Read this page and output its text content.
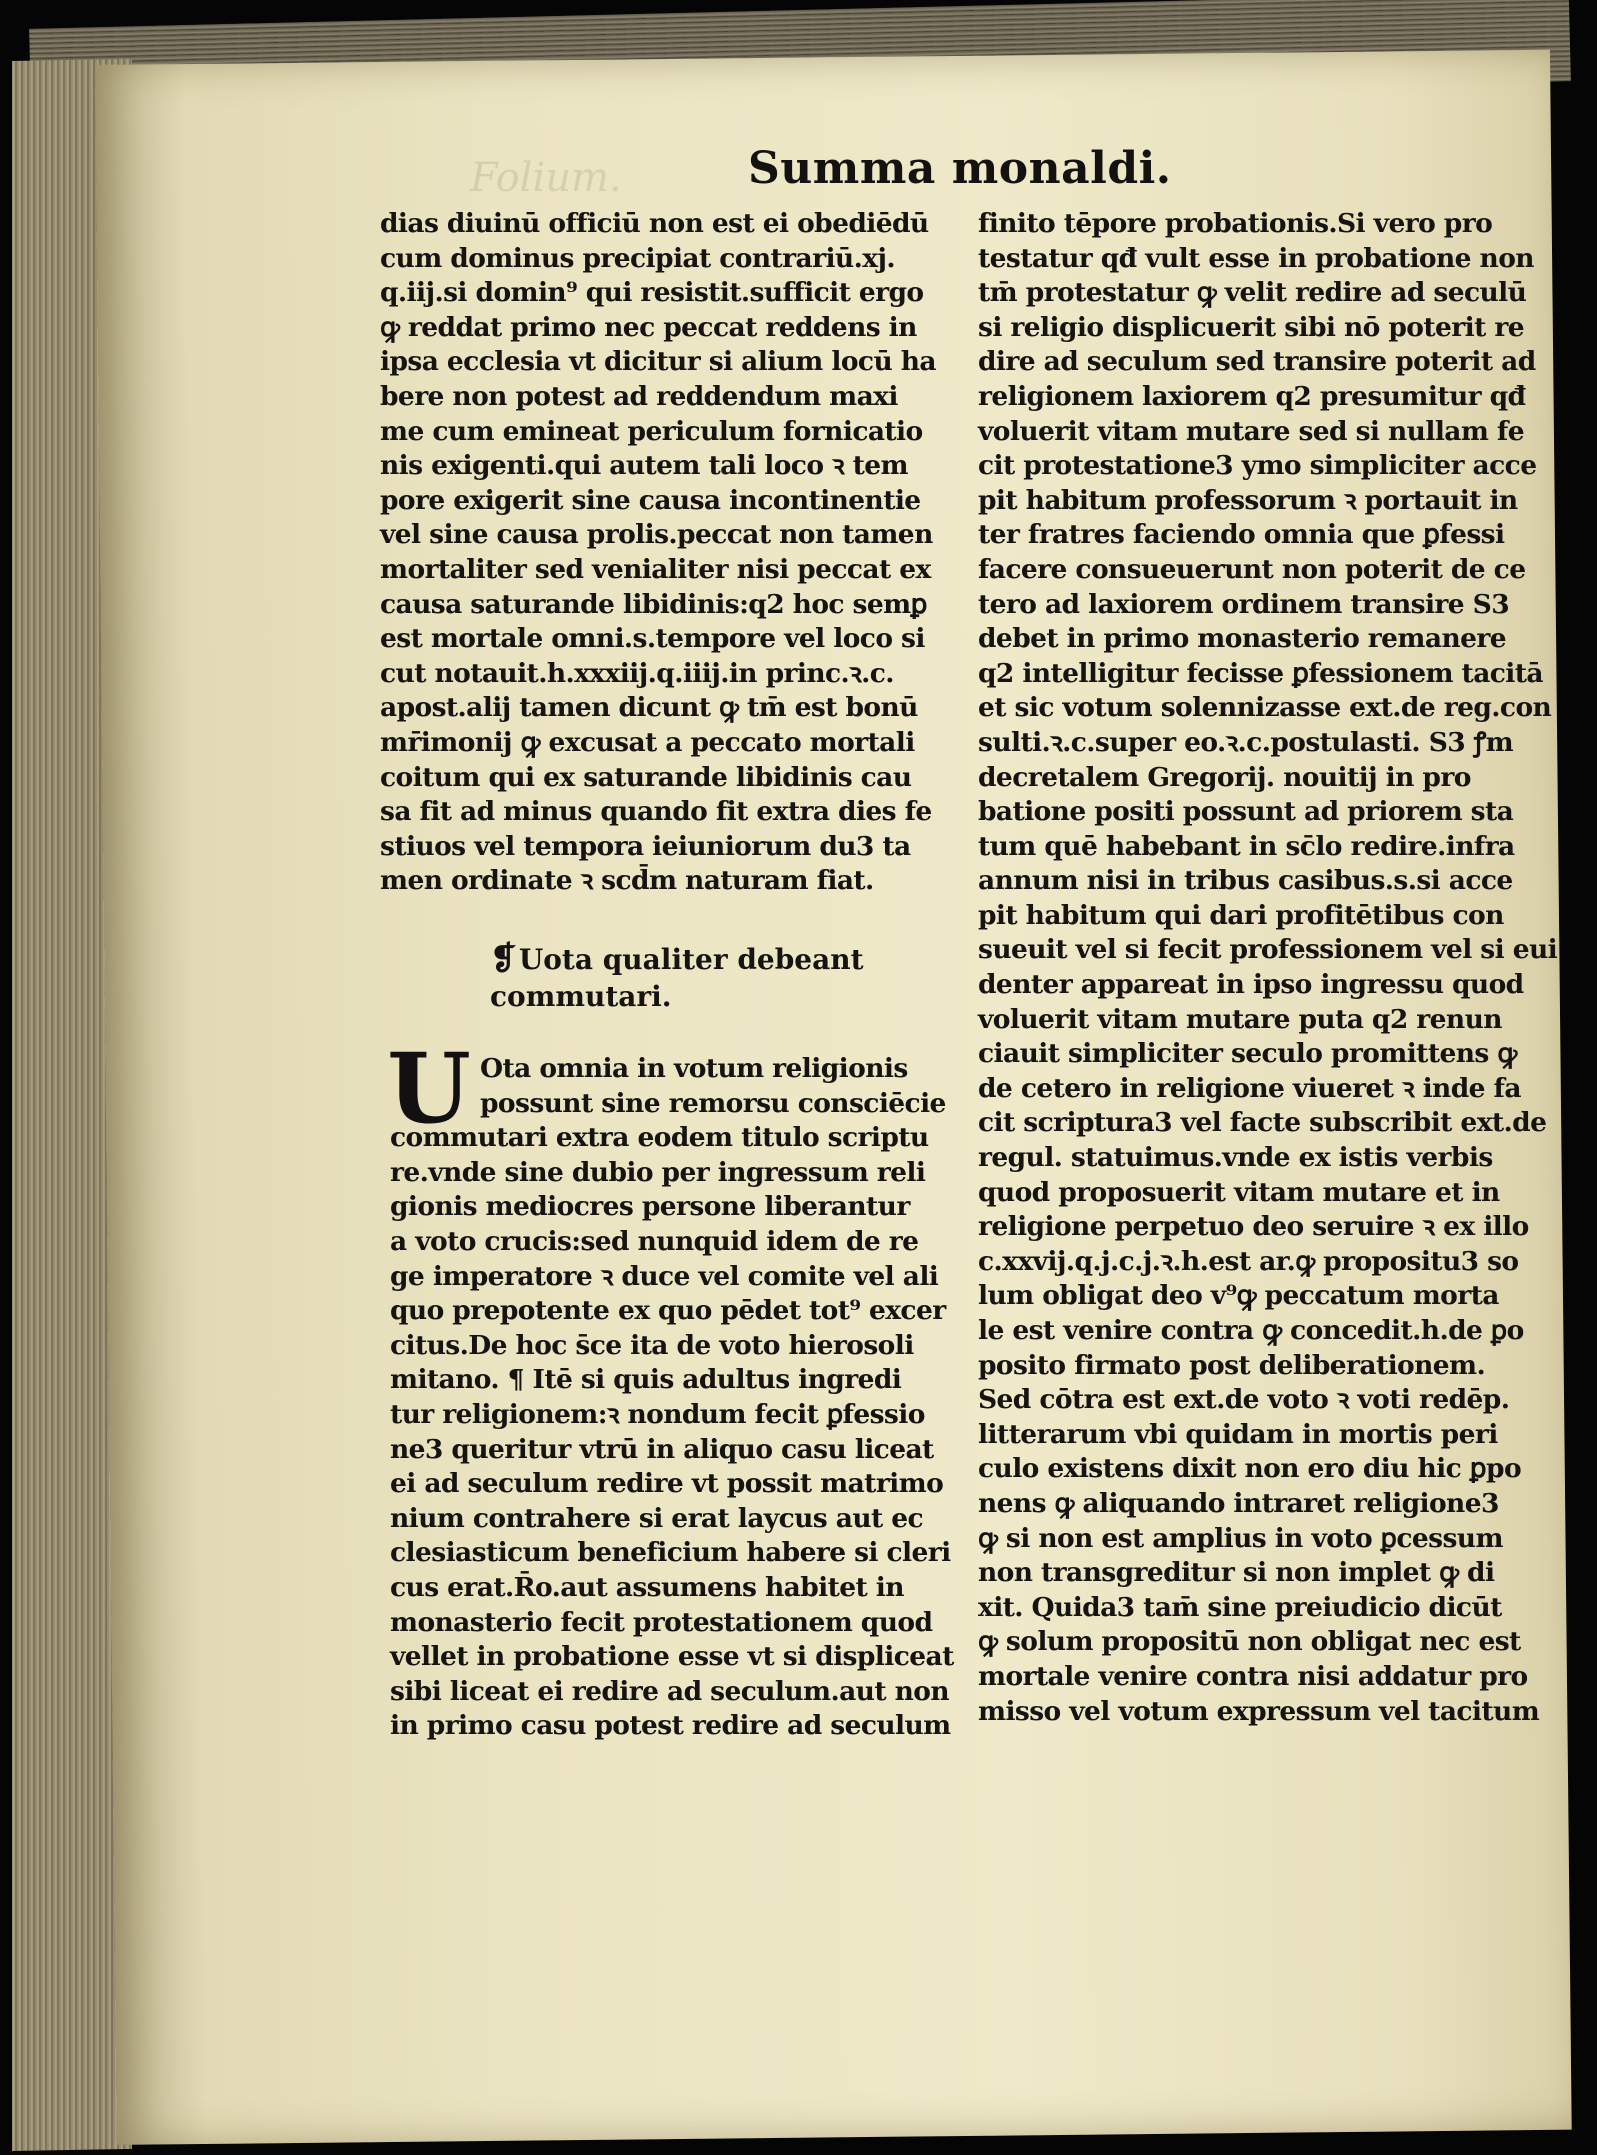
Folium.	Summa monaldi.
dias diuinū officiū non est ei obediēdū
cum dominus precipiat contrariū.xj.
q.iij.si domin⁹ qui resistit.sufficit ergo
ꝙ reddat primo nec peccat reddens in
ipsa ecclesia vt dicitur si alium locū ha
bere non potest ad reddendum maxi
me cum emineat periculum fornicatio
nis exigenti.qui autem tali loco ꝛ tem
pore exigerit sine causa incontinentie
vel sine causa prolis.peccat non tamen
mortaliter sed venialiter nisi peccat ex
causa saturande libidinis:q2 hoc semꝑ
est mortale omni.s.tempore vel loco si
cut notauit.h.xxxiij.q.iiij.in princ.ꝛ.c.
apost.alij tamen dicunt ꝙ tm̄ est bonū
mr̄imonij ꝙ excusat a peccato mortali
coitum qui ex saturande libidinis cau
sa fit ad minus quando fit extra dies fe
stiuos vel tempora ieiuniorum du3 ta
men ordinate ꝛ scd̄m naturam fiat.
❡Uota qualiter debeant
commutari.
U Ota omnia in votum religionis
possunt sine remorsu consciēcie
commutari extra eodem titulo scriptu
re.vnde sine dubio per ingressum reli
gionis mediocres persone liberantur
a voto crucis:sed nunquid idem de re
ge imperatore ꝛ duce vel comite vel ali
quo prepotente ex quo pēdet tot⁹ excer
citus.De hoc s̄ce ita de voto hierosoli
mitano. ¶ Itē si quis adultus ingredi
tur religionem:ꝛ nondum fecit ꝑfessio
ne3 queritur vtrū in aliquo casu liceat
ei ad seculum redire vt possit matrimo
nium contrahere si erat laycus aut ec
clesiasticum beneficium habere si cleri
cus erat.R̄o.aut assumens habitet in
monasterio fecit protestationem quod
vellet in probatione esse vt si displiceat
sibi liceat ei redire ad seculum.aut non
in primo casu potest redire ad seculum
finito tēpore probationis.Si vero pro
testatur qđ vult esse in probatione non
tm̄ protestatur ꝙ velit redire ad seculū
si religio displicuerit sibi nō poterit re
dire ad seculum sed transire poterit ad
religionem laxiorem q2 presumitur qđ
voluerit vitam mutare sed si nullam fe
cit protestatione3 ymo simpliciter acce
pit habitum professorum ꝛ portauit in
ter fratres faciendo omnia que ꝑfessi
facere consueuerunt non poterit de ce
tero ad laxiorem ordinem transire S3
debet in primo monasterio remanere
q2 intelligitur fecisse ꝑfessionem tacitā
et sic votum solennizasse ext.de reg.con
sulti.ꝛ.c.super eo.ꝛ.c.postulasti. S3 ꝭm
decretalem Gregorij. nouitij in pro
batione positi possunt ad priorem sta
tum quē habebant in sc̄lo redire.infra
annum nisi in tribus casibus.s.si acce
pit habitum qui dari profitētibus con
sueuit vel si fecit professionem vel si eui
denter appareat in ipso ingressu quod
voluerit vitam mutare puta q2 renun
ciauit simpliciter seculo promittens ꝙ
de cetero in religione viueret ꝛ inde fa
cit scriptura3 vel facte subscribit ext.de
regul. statuimus.vnde ex istis verbis
quod proposuerit vitam mutare et in
religione perpetuo deo seruire ꝛ ex illo
c.xxvij.q.j.c.j.ꝛ.h.est ar.ꝙ propositu3 so
lum obligat deo v⁹ꝙ peccatum morta
le est venire contra ꝙ concedit.h.de ꝑo
posito firmato post deliberationem.
Sed cōtra est ext.de voto ꝛ voti redēp.
litterarum vbi quidam in mortis peri
culo existens dixit non ero diu hic ꝑpo
nens ꝙ aliquando intraret religione3
ꝙ si non est amplius in voto ꝑcessum
non transgreditur si non implet ꝙ di
xit. Quida3 tam̄ sine preiudicio dicūt
ꝙ solum propositū non obligat nec est
mortale venire contra nisi addatur pro
misso vel votum expressum vel tacitum
